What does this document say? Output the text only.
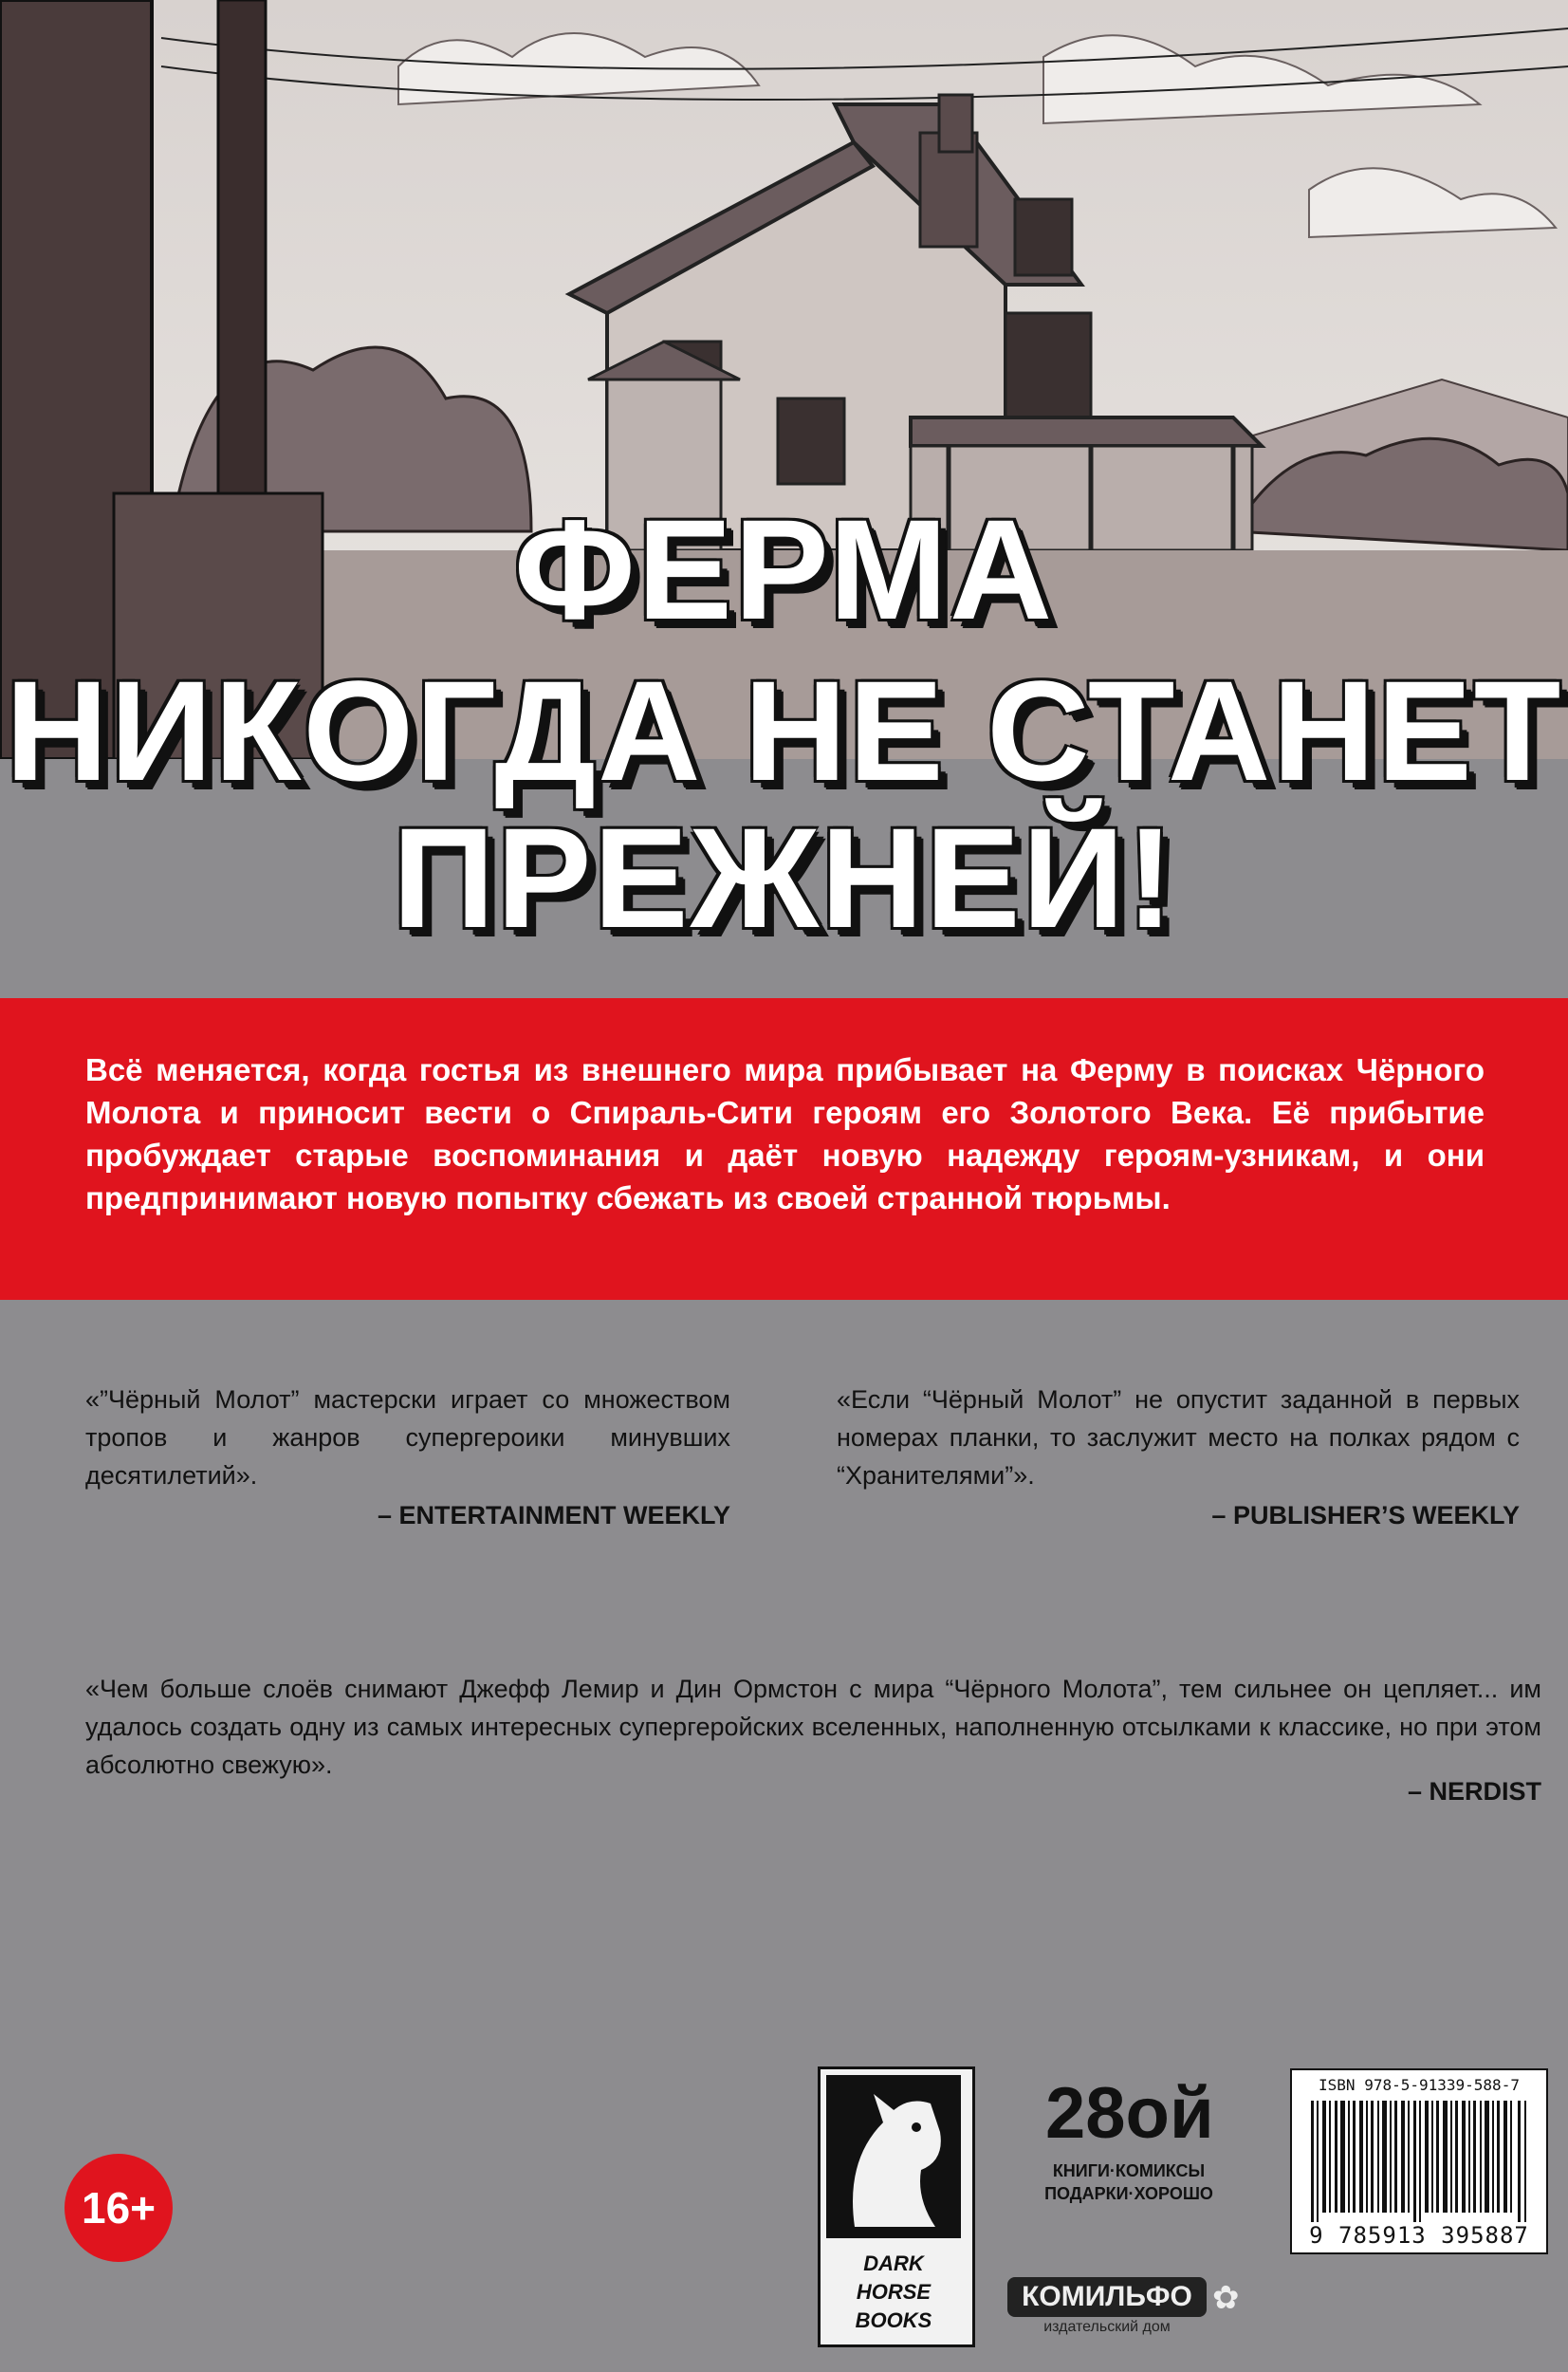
ФЕРМА
НИКОГДА НЕ СТАНЕТ
ПРЕЖНЕЙ!
Всё меняется, когда гостья из внешнего мира прибывает на Ферму в поисках Чёрного Молота и приносит вести о Спираль-Сити героям его Золотого Века. Её прибытие пробуждает старые воспоминания и даёт новую надежду героям-узникам, и они предпринимают новую попытку сбежать из своей странной тюрьмы.
«”Чёрный Молот” мастерски играет со множеством тропов и жанров супергероики минувших десятилетий».
– ENTERTAINMENT WEEKLY
«Если “Чёрный Молот” не опустит заданной в первых номерах планки, то заслужит место на полках рядом с “Хранителями”».
– PUBLISHER’S WEEKLY
«Чем больше слоёв снимают Джефф Лемир и Дин Ормстон с мира “Чёрного Молота”, тем сильнее он цепляет... им удалось создать одну из самых интересных супергеройских вселенных, наполненную отсылками к классике, но при этом абсолютно свежую».
– NERDIST
16+
DARK
HORSE
BOOKS
28ой
КНИГИ·КОМИКСЫ
ПОДАРКИ·ХОРОШО
КОМИЛЬФО
издательский дом
✿
ISBN 978-5-91339-588-7
9 785913 395887
